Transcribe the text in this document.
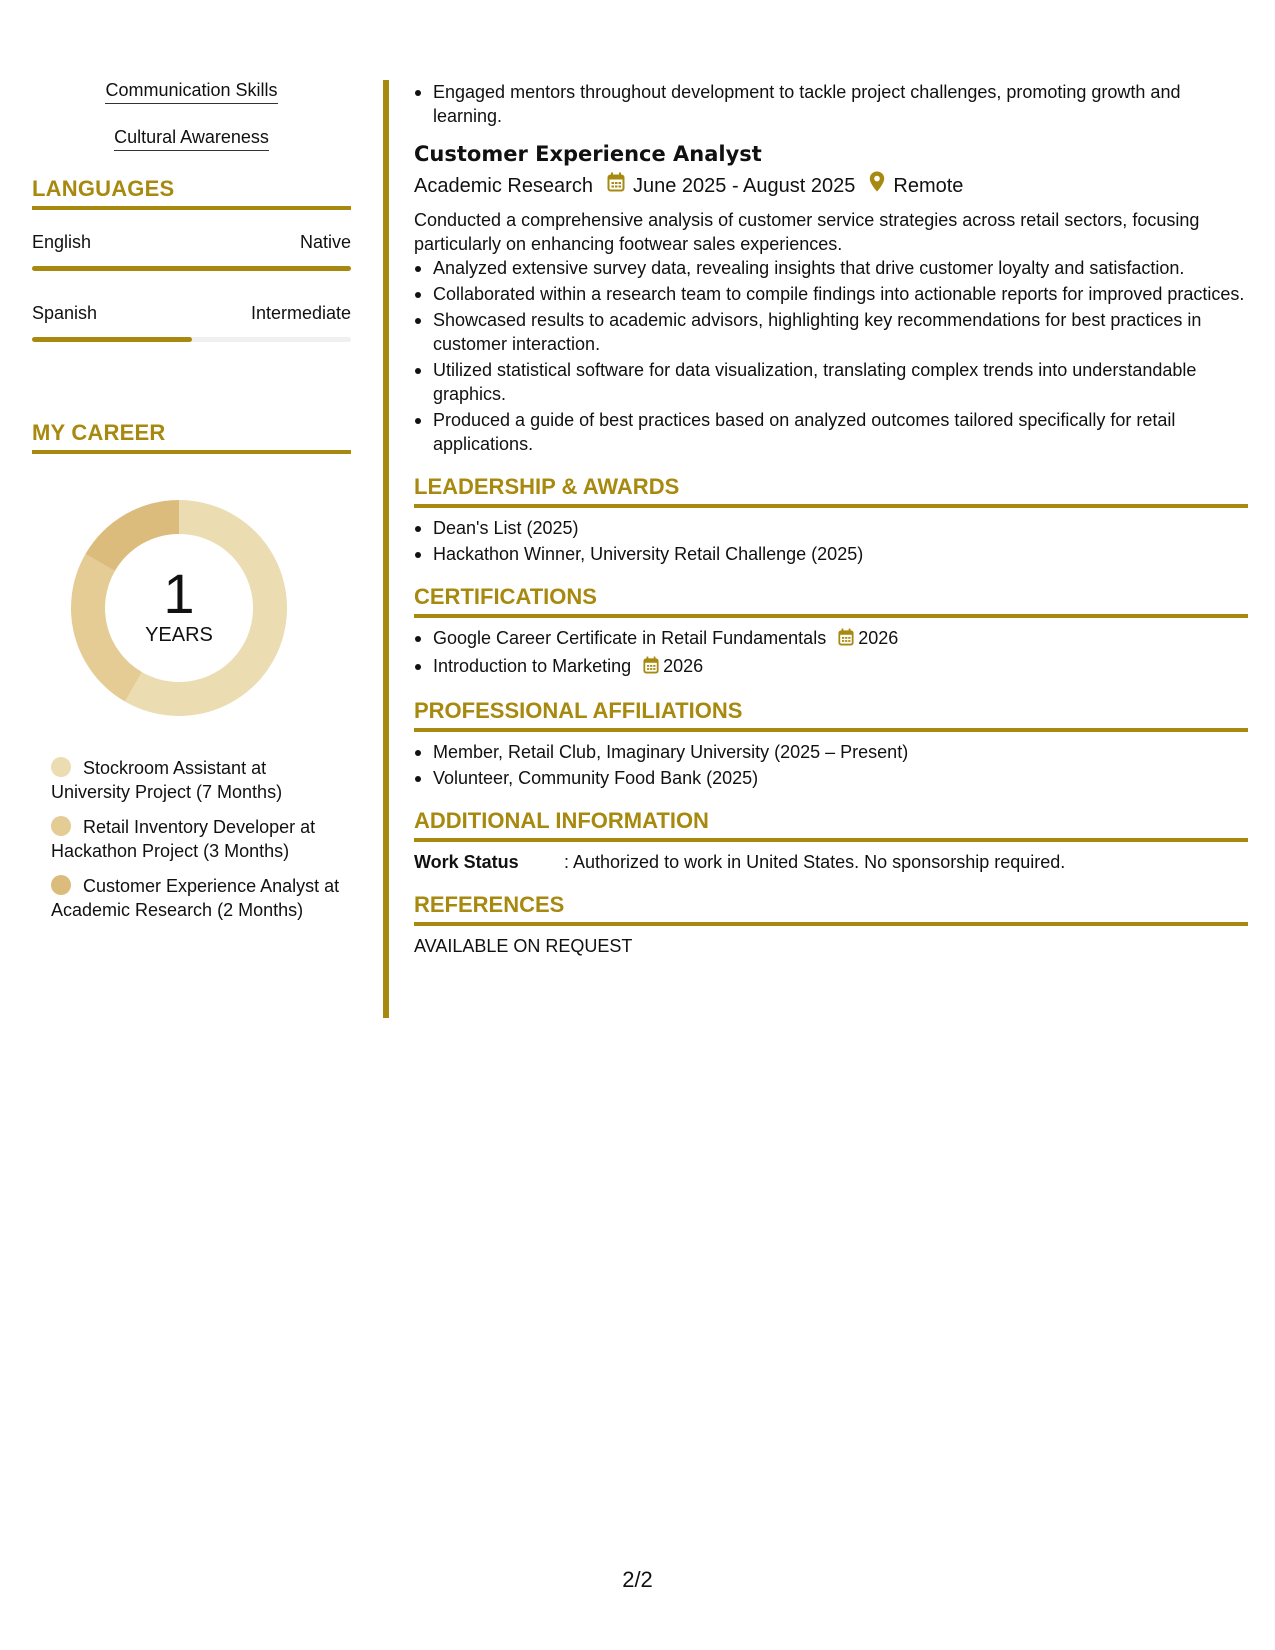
Communication Skills
Cultural Awareness
LANGUAGES
English	Native
Spanish	Intermediate
MY CAREER
1
YEARS
Stockroom Assistant at University Project (7 Months)
Retail Inventory Developer at Hackathon Project (3 Months)
Customer Experience Analyst at Academic Research (2 Months)
Engaged mentors throughout development to tackle project challenges, promoting growth and learning.
Customer Experience Analyst
Academic Research June 2025 - August 2025 Remote
Conducted a comprehensive analysis of customer service strategies across retail sectors, focusing particularly on enhancing footwear sales experiences.
Analyzed extensive survey data, revealing insights that drive customer loyalty and satisfaction.
Collaborated within a research team to compile findings into actionable reports for improved practices.
Showcased results to academic advisors, highlighting key recommendations for best practices in customer interaction.
Utilized statistical software for data visualization, translating complex trends into understandable graphics.
Produced a guide of best practices based on analyzed outcomes tailored specifically for retail applications.
LEADERSHIP & AWARDS
Dean's List (2025)
Hackathon Winner, University Retail Challenge (2025)
CERTIFICATIONS
Google Career Certificate in Retail Fundamentals 2026
Introduction to Marketing 2026
PROFESSIONAL AFFILIATIONS
Member, Retail Club, Imaginary University (2025 – Present)
Volunteer, Community Food Bank (2025)
ADDITIONAL INFORMATION
Work Status	: Authorized to work in United States. No sponsorship required.
REFERENCES
AVAILABLE ON REQUEST
2/2
